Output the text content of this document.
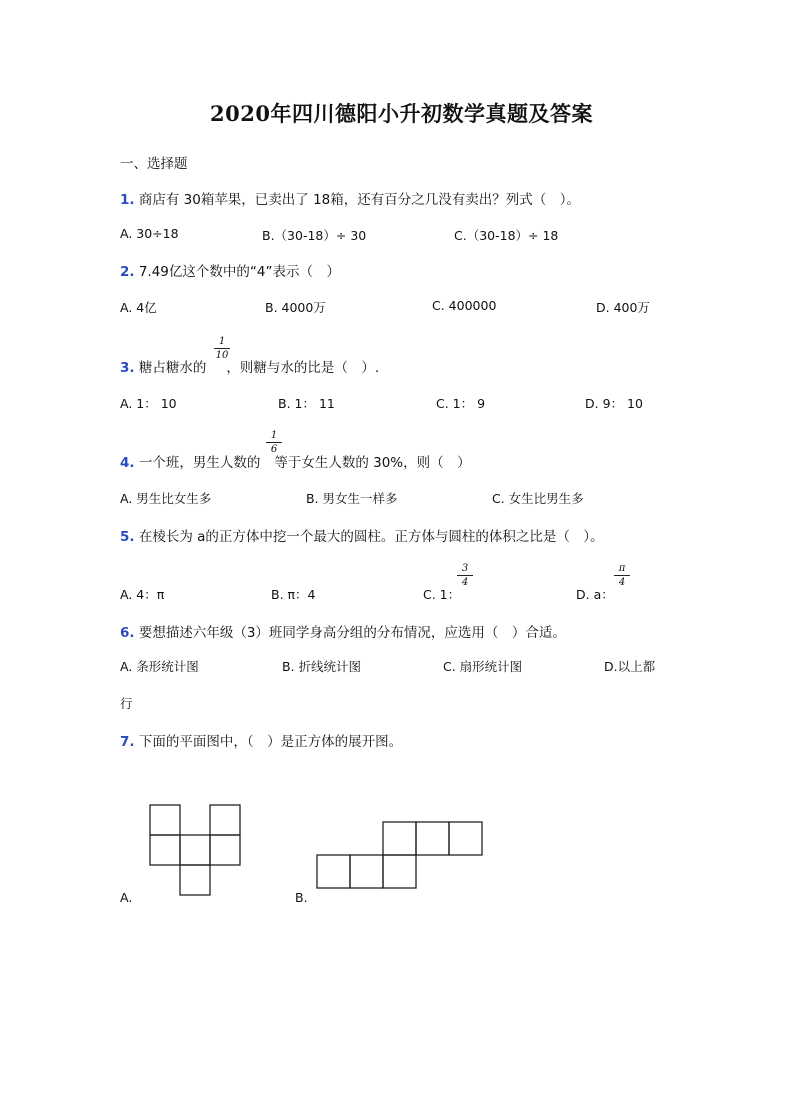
2020年四川德阳小升初数学真题及答案
一、选择题
1. 商店有 30箱苹果，已卖出了 18箱，还有百分之几没有卖出？列式（　）。
A. 30÷18	B.（30-18）÷ 30	C.（30-18）÷ 18
2. 7.49亿这个数中的“4”表示（　）
A. 4亿	B. 4000万	C. 400000	D. 400万
1
10
3. 糖占糖水的 ，则糖与水的比是（　）.
A. 1： 10	B. 1： 11	C. 1： 9	D. 9： 10
1
6
4. 一个班，男生人数的 等于女生人数的 30%，则（　）
A. 男生比女生多	B. 男女生一样多	C. 女生比男生多
5. 在棱长为 a的正方体中挖一个最大的圆柱。正方体与圆柱的体积之比是（　）。
A. 4：π	B. π：4	C. 1：
3
4
D. a：
π
4
6. 要想描述六年级（3）班同学身高分组的分布情况，应选用（　）合适。
A. 条形统计图	B. 折线统计图	C. 扇形统计图	D.以上都
行
7. 下面的平面图中，（　）是正方体的展开图。
A.	B.
